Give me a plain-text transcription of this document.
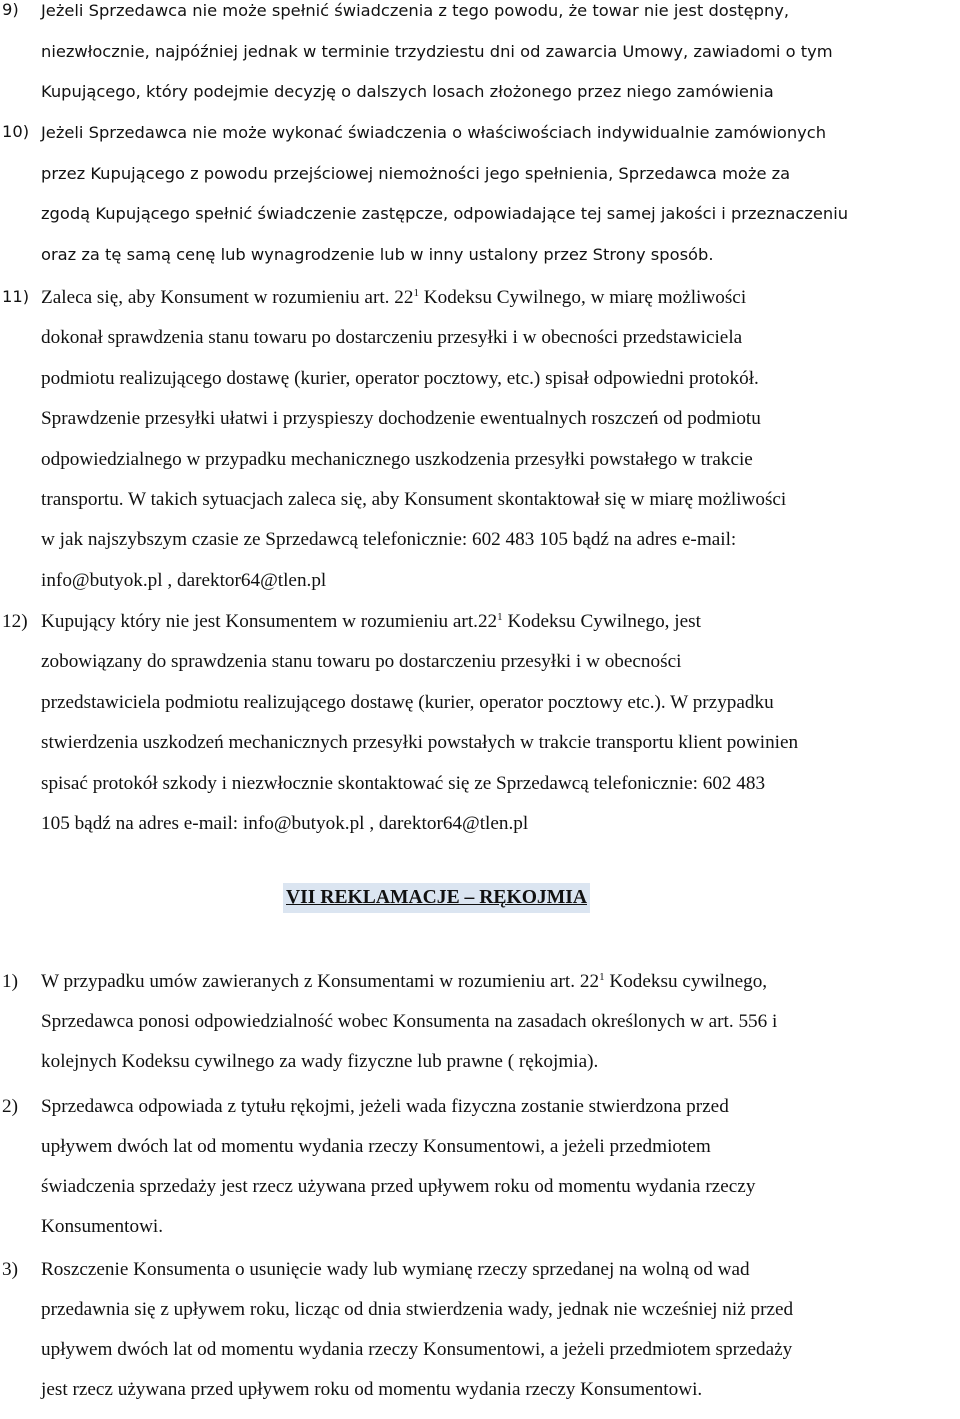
9) Jeżeli Sprzedawca nie może spełnić świadczenia z tego powodu, że towar nie jest dostępny,
niezwłocznie, najpóźniej jednak w terminie trzydziestu dni od zawarcia Umowy, zawiadomi o tym
Kupującego, który podejmie decyzję o dalszych losach złożonego przez niego zamówienia
10) Jeżeli Sprzedawca nie może wykonać świadczenia o właściwościach indywidualnie zamówionych
przez Kupującego z powodu przejściowej niemożności jego spełnienia, Sprzedawca może za
zgodą Kupującego spełnić świadczenie zastępcze, odpowiadające tej samej jakości i przeznaczeniu
oraz za tę samą cenę lub wynagrodzenie lub w inny ustalony przez Strony sposób.
11) Zaleca się, aby Konsument w rozumieniu art. $22^1$ Kodeksu Cywilnego, w miarę możliwości
dokonał sprawdzenia stanu towaru po dostarczeniu przesyłki i w obecności przedstawiciela
podmiotu realizującego dostawę (kurier, operator pocztowy, etc.) spisał odpowiedni protokół.
Sprawdzenie przesyłki ułatwi i przyspieszy dochodzenie ewentualnych roszczeń od podmiotu
odpowiedzialnego w przypadku mechanicznego uszkodzenia przesyłki powstałego w trakcie
transportu. W takich sytuacjach zaleca się, aby Konsument skontaktował się w miarę możliwości
w jak najszybszym czasie ze Sprzedawcą telefonicznie: 602 483 105 bądź na adres e-mail:
info@butyok.pl , darektor64@tlen.pl
12) Kupujący który nie jest Konsumentem w rozumieniu $art.22^1$ Kodeksu Cywilnego, jest
zobowiązany do sprawdzenia stanu towaru po dostarczeniu przesyłki i w obecności
przedstawiciela podmiotu realizującego dostawę (kurier, operator pocztowy etc.). W przypadku
stwierdzenia uszkodzeń mechanicznych przesyłki powstałych w trakcie transportu klient powinien
spisać protokół szkody i niezwłocznie skontaktować się ze Sprzedawcą telefonicznie: 602 483
105 bądź na adres e-mail: info@butyok.pl , darektor64@tlen.pl
VII REKLAMACJE – RĘKOJMIA
1) W przypadku umów zawieranych z Konsumentami w rozumieniu art. $22^1$ Kodeksu cywilnego,
Sprzedawca ponosi odpowiedzialność wobec Konsumenta na zasadach określonych w art. 556 i
kolejnych Kodeksu cywilnego za wady fizyczne lub prawne ( rękojmia).
2) Sprzedawca odpowiada z tytułu rękojmi, jeżeli wada fizyczna zostanie stwierdzona przed
upływem dwóch lat od momentu wydania rzeczy Konsumentowi, a jeżeli przedmiotem
świadczenia sprzedaży jest rzecz używana przed upływem roku od momentu wydania rzeczy
Konsumentowi.
3) Roszczenie Konsumenta o usunięcie wady lub wymianę rzeczy sprzedanej na wolną od wad
przedawnia się z upływem roku, licząc od dnia stwierdzenia wady, jednak nie wcześniej niż przed
upływem dwóch lat od momentu wydania rzeczy Konsumentowi, a jeżeli przedmiotem sprzedaży
jest rzecz używana przed upływem roku od momentu wydania rzeczy Konsumentowi.
